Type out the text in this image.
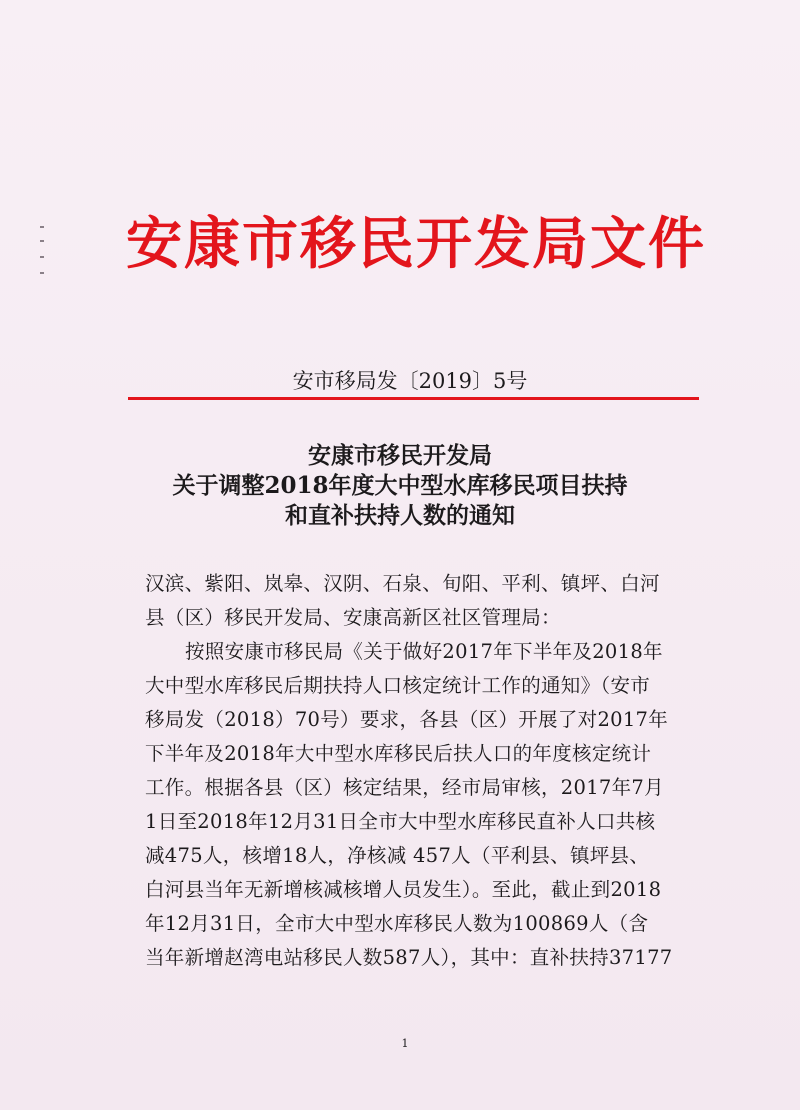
安康市移民开发局文件
安市移局发〔2019〕5号
安康市移民开发局
关于调整2018年度大中型水库移民项目扶持
和直补扶持人数的通知
汉滨、紫阳、岚皋、汉阴、石泉、旬阳、平利、镇坪、白河
县（区）移民开发局、安康高新区社区管理局：
按照安康市移民局《关于做好2017年下半年及2018年
大中型水库移民后期扶持人口核定统计工作的通知》（安市
移局发（2018）70号）要求，各县（区）开展了对2017年
下半年及2018年大中型水库移民后扶人口的年度核定统计
工作。根据各县（区）核定结果，经市局审核，2017年7月
1日至2018年12月31日全市大中型水库移民直补人口共核
减475人，核增18人，净核减 457人（平利县、镇坪县、
白河县当年无新增核减核增人员发生）。至此，截止到2018
年12月31日，全市大中型水库移民人数为100869人（含
当年新增赵湾电站移民人数587人），其中：直补扶持37177
1
